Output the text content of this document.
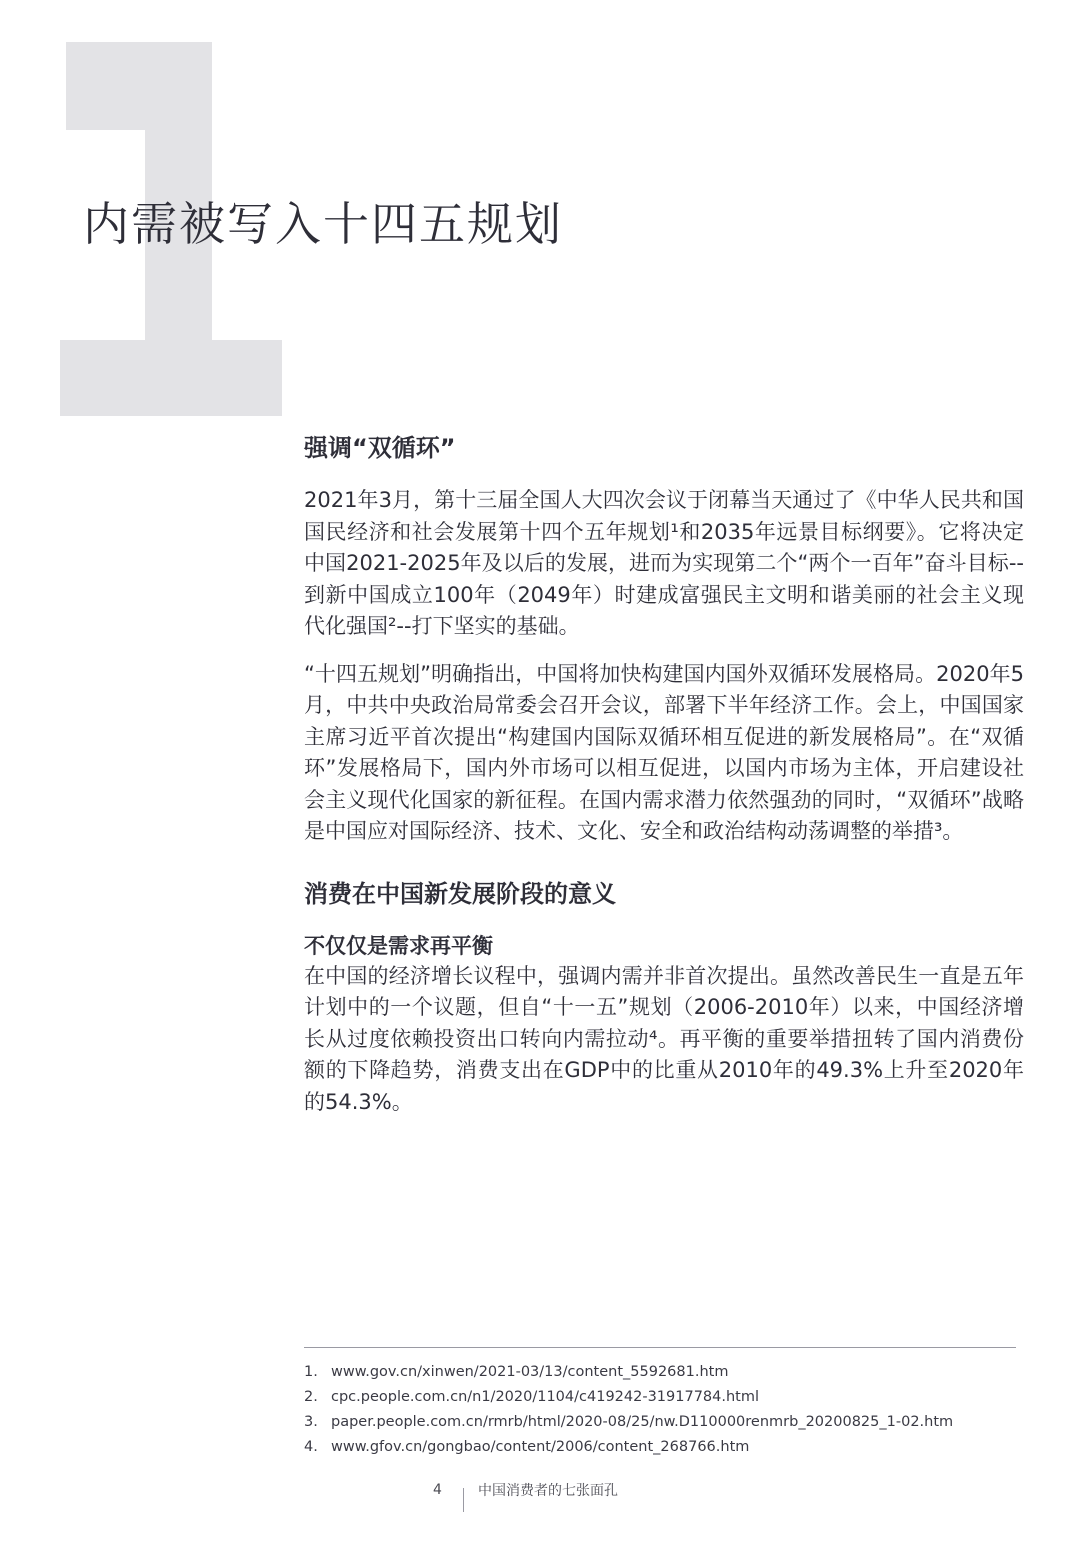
内需被写入十四五规划
强调“双循环”

2021年3月，第十三届全国人大四次会议于闭幕当天通过了《中华人民共和国国民经济和社会发展第十四个五年规划¹和2035年远景目标纲要》。它将决定中国2021-2025年及以后的发展，进而为实现第二个“两个一百年”奋斗目标--到新中国成立100年（2049年）时建成富强民主文明和谐美丽的社会主义现代化强国²--打下坚实的基础。

“十四五规划”明确指出，中国将加快构建国内国外双循环发展格局。2020年5月，中共中央政治局常委会召开会议，部署下半年经济工作。会上，中国国家主席习近平首次提出“构建国内国际双循环相互促进的新发展格局”。在“双循环”发展格局下，国内外市场可以相互促进，以国内市场为主体，开启建设社会主义现代化国家的新征程。在国内需求潜力依然强劲的同时，“双循环”战略是中国应对国际经济、技术、文化、安全和政治结构动荡调整的举措³。

消费在中国新发展阶段的意义
不仅仅是需求再平衡

在中国的经济增长议程中，强调内需并非首次提出。虽然改善民生一直是五年计划中的一个议题，但自“十一五”规划（2006-2010年）以来，中国经济增长从过度依赖投资出口转向内需拉动⁴。再平衡的重要举措扭转了国内消费份额的下降趋势，消费支出在GDP中的比重从2010年的49.3%上升至2020年的54.3%。

1. www.gov.cn/xinwen/2021-03/13/content_5592681.htm
2. cpc.people.com.cn/n1/2020/1104/c419242-31917784.html
3. paper.people.com.cn/rmrb/html/2020-08/25/nw.D110000renmrb_20200825_1-02.htm
4. www.gfov.cn/gongbao/content/2006/content_268766.htm
4	中国消费者的七张面孔
